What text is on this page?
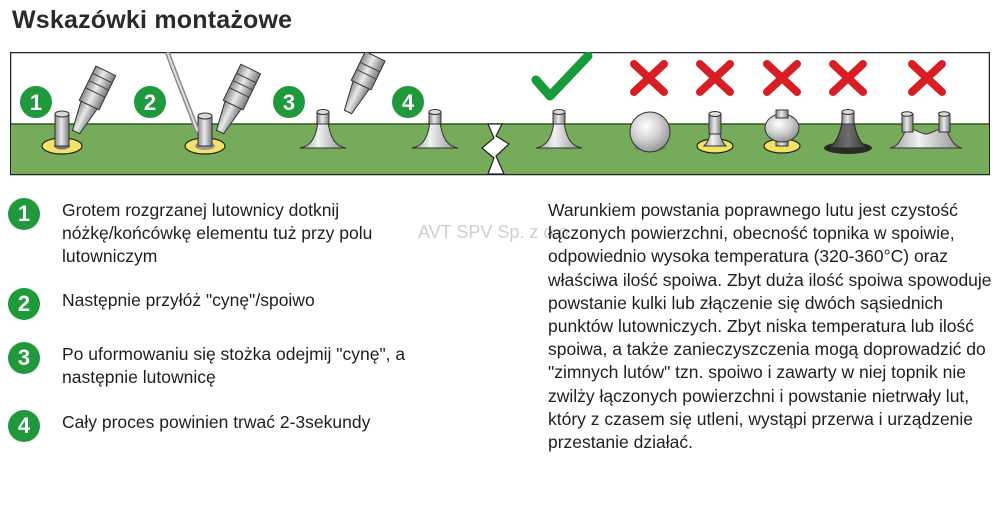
Wskazówki montażowe
1	2	3	4
AVT SPV Sp. z o.o.
1	Grotem rozgrzanej lutownicy dotknij nóżkę/końcówkę elementu tuż przy polu lutowniczym
2	Następnie przyłóż "cynę"/spoiwo
3	Po uformowaniu się stożka odejmij "cynę", a następnie lutownicę
4	Cały proces powinien trwać 2-3sekundy
Warunkiem powstania poprawnego lutu jest czystość łączonych powierzchni, obecność topnika w spoiwie, odpowiednio wysoka temperatura (320-360°C) oraz właściwa ilość spoiwa. Zbyt duża ilość spoiwa spowoduje powstanie kulki lub złączenie się dwóch sąsiednich punktów lutowniczych. Zbyt niska temperatura lub ilość spoiwa, a także zanieczyszczenia mogą doprowadzić do "zimnych lutów" tzn. spoiwo i zawarty w niej topnik nie zwilży łączonych powierzchni i powstanie nietrwały lut, który z czasem się utleni, wystąpi przerwa i urządzenie przestanie działać.
